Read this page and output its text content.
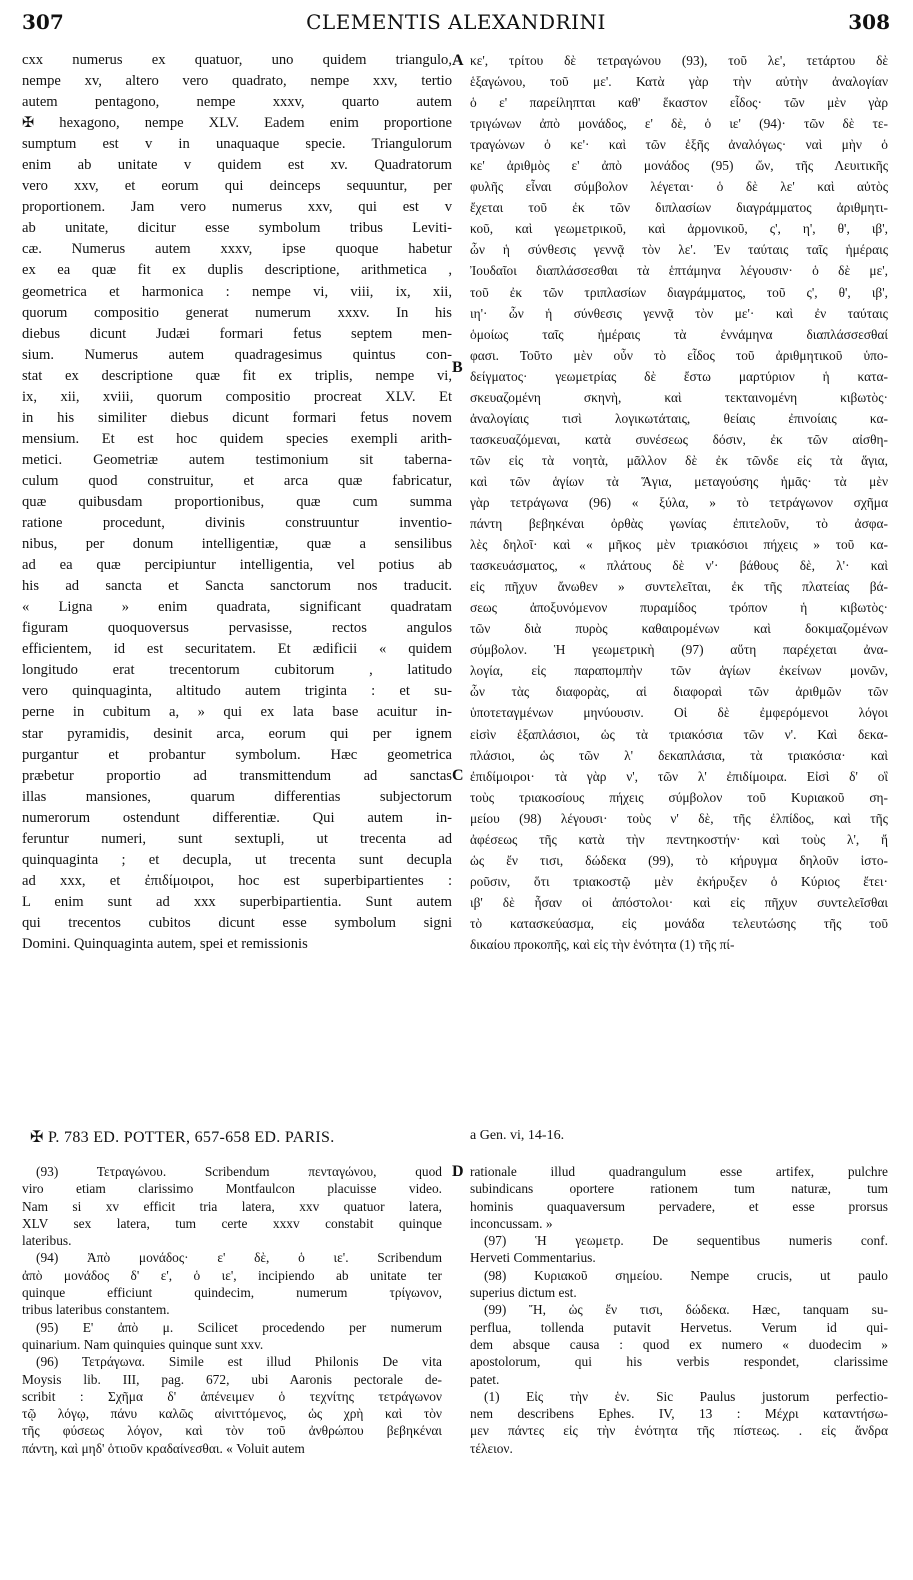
307	CLEMENTIS ALEXANDRINI	308
cxx numerus ex quatuor, uno quidem triangulo,
nempe xv, altero vero quadrato, nempe xxv, tertio
autem pentagono, nempe xxxv, quarto autem
✠ hexagono, nempe XLV. Eadem enim proportione
sumptum est v in unaquaque specie. Triangulorum
enim ab unitate v quidem est xv. Quadratorum
vero xxv, et eorum qui deinceps sequuntur, per
proportionem. Jam vero numerus xxv, qui est v
ab unitate, dicitur esse symbolum tribus Leviti-
cæ. Numerus autem xxxv, ipse quoque habetur
ex ea quæ fit ex duplis descriptione, arithmetica ,
geometrica et harmonica : nempe vi, viii, ix, xii,
quorum compositio generat numerum xxxv. In his
diebus dicunt Judæi formari fetus septem men-
sium. Numerus autem quadragesimus quintus con-
stat ex descriptione quæ fit ex triplis, nempe vi,
ix, xii, xviii, quorum compositio procreat XLV. Et
in his similiter diebus dicunt formari fetus novem
mensium. Et est hoc quidem species exempli arith-
metici. Geometriæ autem testimonium sit taberna-
culum quod construitur, et arca quæ fabricatur,
quæ quibusdam proportionibus, quæ cum summa
ratione procedunt, divinis construuntur inventio-
nibus, per donum intelligentiæ, quæ a sensilibus
ad ea quæ percipiuntur intelligentia, vel potius ab
his ad sancta et Sancta sanctorum nos traducit.
« Ligna » enim quadrata, significant quadratam
figuram quoquoversus pervasisse, rectos angulos
efficientem, id est securitatem. Et ædificii « quidem
longitudo erat trecentorum cubitorum , latitudo
vero quinquaginta, altitudo autem triginta : et su-
perne in cubitum a, » qui ex lata base acuitur in-
star pyramidis, desinit arca, eorum qui per ignem
purgantur et probantur symbolum. Hæc geometrica
præbetur proportio ad transmittendum ad sanctas
illas mansiones, quarum differentias subjectorum
numerorum ostendunt differentiæ. Qui autem in-
feruntur numeri, sunt sextupli, ut trecenta ad
quinquaginta ; et decupla, ut trecenta sunt decupla
ad xxx, et ἐπιδίμοιροι, hoc est superbipartientes :
L enim sunt ad xxx superbipartientia. Sunt autem
qui trecentos cubitos dicunt esse symbolum signi
Domini. Quinquaginta autem, spei et remissionis
κε', τρίτου δὲ τετραγώνου (93), τοῦ λε', τετάρτου δὲ
ἑξαγώνου, τοῦ με'. Κατὰ γὰρ τὴν αὐτὴν ἀναλογίαν
ὁ ε' παρείληπται καθ' ἕκαστον εἶδος· τῶν μὲν γὰρ
τριγώνων ἀπὸ μονάδος, ε' δὲ, ὁ ιε' (94)· τῶν δὲ τε-
τραγώνων ὁ κε'· καὶ τῶν ἑξῆς ἀναλόγως· ναὶ μὴν ὁ
κε' ἀριθμὸς ε' ἀπὸ μονάδος (95) ὤν, τῆς Λευιτικῆς
φυλῆς εἶναι σύμβολον λέγεται· ὁ δὲ λε' καὶ αὐτὸς
ἔχεται τοῦ ἐκ τῶν διπλασίων διαγράμματος ἀριθμητι-
κοῦ, καὶ γεωμετρικοῦ, καὶ ἁρμονικοῦ, ς', η', θ', ιβ',
ὧν ἡ σύνθεσις γεννᾷ τὸν λε'. Ἐν ταύταις ταῖς ἡμέραις
Ἰουδαῖοι διαπλάσσεσθαι τὰ ἑπτάμηνα λέγουσιν· ὁ δὲ με',
τοῦ ἐκ τῶν τριπλασίων διαγράμματος, τοῦ ς', θ', ιβ',
ιη'· ὧν ἡ σύνθεσις γεννᾷ τὸν με'· καὶ ἐν ταύταις
ὁμοίως ταῖς ἡμέραις τὰ ἐννάμηνα διαπλάσσεσθαί
φασι. Τοῦτο μὲν οὖν τὸ εἶδος τοῦ ἀριθμητικοῦ ὑπο-
δείγματος· γεωμετρίας δὲ ἔστω μαρτύριον ἡ κατα-
σκευαζομένη σκηνὴ, καὶ τεκταινομένη κιβωτὸς·
ἀναλογίαις τισὶ λογικωτάταις, θείαις ἐπινοίαις κα-
τασκευαζόμεναι, κατὰ συνέσεως δόσιν, ἐκ τῶν αἰσθη-
τῶν εἰς τὰ νοητὰ, μᾶλλον δὲ ἐκ τῶνδε εἰς τὰ ἅγια,
καὶ τῶν ἁγίων τὰ Ἅγια, μεταγούσης ἡμᾶς· τὰ μὲν
γὰρ τετράγωνα (96) « ξύλα, » τὸ τετράγωνον σχῆμα
πάντη βεβηκέναι ὀρθὰς γωνίας ἐπιτελοῦν, τὸ ἀσφα-
λὲς δηλοῖ· καὶ « μῆκος μὲν τριακόσιοι πήχεις » τοῦ κα-
τασκευάσματος, « πλάτους δὲ ν'· βάθους δὲ, λ'· καὶ
εἰς πῆχυν ἄνωθεν » συντελεῖται, ἐκ τῆς πλατείας βά-
σεως ἀποξυνόμενον πυραμίδος τρόπον ἡ κιβωτὸς·
τῶν διὰ πυρὸς καθαιρομένων καὶ δοκιμαζομένων
σύμβολον. Ἡ γεωμετρικὴ (97) αὕτη παρέχεται ἀνα-
λογία, εἰς παραπομπὴν τῶν ἁγίων ἐκείνων μονῶν,
ὧν τὰς διαφορὰς, αἱ διαφοραὶ τῶν ἀριθμῶν τῶν
ὑποτεταγμένων μηνύουσιν. Οἱ δὲ ἐμφερόμενοι λόγοι
εἰσὶν ἑξαπλάσιοι, ὡς τὰ τριακόσια τῶν ν'. Καὶ δεκα-
πλάσιοι, ὡς τῶν λ' δεκαπλάσια, τὰ τριακόσια· καὶ
ἐπιδίμοιροι· τὰ γὰρ ν', τῶν λ' ἐπιδίμοιρα. Εἰσὶ δ' οἳ
τοὺς τριακοσίους πήχεις σύμβολον τοῦ Κυριακοῦ ση-
μείου (98) λέγουσι· τοὺς ν' δὲ, τῆς ἐλπίδος, καὶ τῆς
ἀφέσεως τῆς κατὰ τὴν πεντηκοστήν· καὶ τοὺς λ', ἤ
ὡς ἔν τισι, δώδεκα (99), τὸ κήρυγμα δηλοῦν ἱστο-
ροῦσιν, ὅτι τριακοστῷ μὲν ἐκήρυξεν ὁ Κύριος ἔτει·
ιβ' δὲ ἦσαν οἱ ἀπόστολοι· καὶ εἰς πῆχυν συντελεῖσθαι
τὸ κατασκεύασμα, εἰς μονάδα τελευτώσης τῆς τοῦ
δικαίου προκοπῆς, καὶ εἰς τὴν ἑνότητα (1) τῆς πί-
A
B
C
D
✠ P. 783 ED. POTTER, 657-658 ED. PARIS.	a Gen. vi, 14-16.
(93) Τετραγώνου. Scribendum πενταγώνου, quod
viro etiam clarissimo Montfaulcon placuisse video.
Nam si xv efficit tria latera, xxv quatuor latera,
XLV sex latera, tum certe xxxv constabit quinque
lateribus.
(94) Ἀπὸ μονάδος· ε' δὲ, ὁ ιε'. Scribendum
ἀπὸ μονάδος δ' ε', ὁ ιε', incipiendo ab unitate ter
quinque efficiunt quindecim, numerum τρίγωνον,
tribus lateribus constantem.
(95) Ε' ἀπὸ μ. Scilicet procedendo per numerum
quinarium. Nam quinquies quinque sunt xxv.
(96) Τετράγωνα. Simile est illud Philonis De vita
Moysis lib. III, pag. 672, ubi Aaronis pectorale de-
scribit : Σχῆμα δ' ἀπένειμεν ὁ τεχνίτης τετράγωνον
τῷ λόγῳ, πάνυ καλῶς αἰνιττόμενος, ὡς χρὴ καὶ τὸν
τῆς φύσεως λόγον, καὶ τὸν τοῦ ἀνθρώπου βεβηκέναι
πάντη, καὶ μηδ' ὁτιοῦν κραδαίνεσθαι. « Voluit autem
rationale illud quadrangulum esse artifex, pulchre
subindicans oportere rationem tum naturæ, tum
hominis quaquaversum pervadere, et esse prorsus
inconcussam. »
(97) Ἡ γεωμετρ. De sequentibus numeris conf.
Herveti Commentarius.
(98) Κυριακοῦ σημείου. Nempe crucis, ut paulo
superius dictum est.
(99) Ἤ, ὡς ἔν τισι, δώδεκα. Hæc, tanquam su-
perflua, tollenda putavit Hervetus. Verum id qui-
dem absque causa : quod ex numero « duodecim »
apostolorum, qui his verbis respondet, clarissime
patet.
(1) Εἰς τὴν ἑν. Sic Paulus justorum perfectio-
nem describens Ephes. IV, 13 : Μέχρι καταντήσω-
μεν πάντες εἰς τὴν ἑνότητα τῆς πίστεως. . εἰς ἄνδρα
τέλειον.
